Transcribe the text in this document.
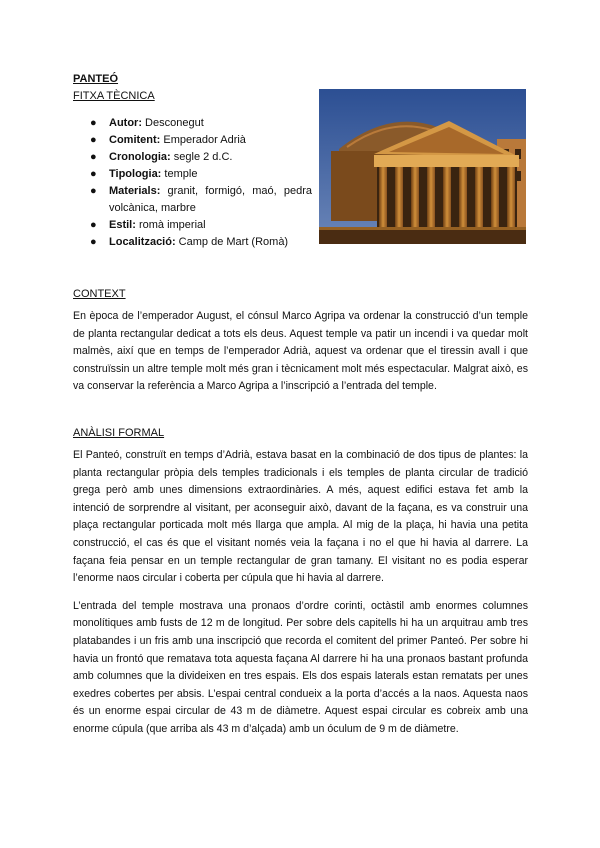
PANTEÓ
FITXA TÈCNICA
● Autor: Desconegut
● Comitent: Emperador Adrià
● Cronologia: segle 2 d.C.
● Tipologia: temple
● Materials: granit, formigó, maó, pedra volcànica, marbre
● Estil: romà imperial
● Localització: Camp de Mart (Romà)
CONTEXT

En època de l’emperador August, el cónsul Marco Agripa va ordenar la construcció d’un temple de planta rectangular dedicat a tots els deus. Aquest temple va patir un incendi i va quedar molt malmès, així que en temps de l’emperador Adrià, aquest va ordenar que el tiressin avall i que construïssin un altre temple molt més gran i tècnicament molt més espectacular. Malgrat això, es va conservar la referència a Marco Agripa a l’inscripció a l’entrada del temple.

ANÀLISI FORMAL

El Panteó, construït en temps d’Adrià, estava basat en la combinació de dos tipus de plantes: la planta rectangular pròpia dels temples tradicionals i els temples de planta circular de tradició grega però amb unes dimensions extraordinàries. A més, aquest edifici estava fet amb la intenció de sorprendre al visitant, per aconseguir això, davant de la façana, es va construir una plaça rectangular porticada molt més llarga que ampla. Al mig de la plaça, hi havia una petita construcció, el cas és que el visitant només veia la façana i no el que hi havia al darrere. La façana feia pensar en un temple rectangular de gran tamany. El visitant no es podia esperar l’enorme naos circular i coberta per cúpula que hi havia al darrere.

L’entrada del temple mostrava una pronaos d’ordre corinti, octàstil amb enormes columnes monolítiques amb fusts de 12 m de longitud. Per sobre dels capitells hi ha un arquitrau amb tres platabandes i un fris amb una inscripció que recorda el comitent del primer Panteó. Per sobre hi havia un frontó que rematava tota aquesta façana Al darrere hi ha una pronaos bastant profunda amb columnes que la divideixen en tres espais. Els dos espais laterals estan rematats per unes exedres cobertes per absis. L’espai central condueix a la porta d’accés a la naos. Aquesta naos és un enorme espai circular de 43 m de diàmetre. Aquest espai circular es cobreix amb una enorme cúpula (que arriba als 43 m d’alçada) amb un óculum de 9 m de diàmetre.
